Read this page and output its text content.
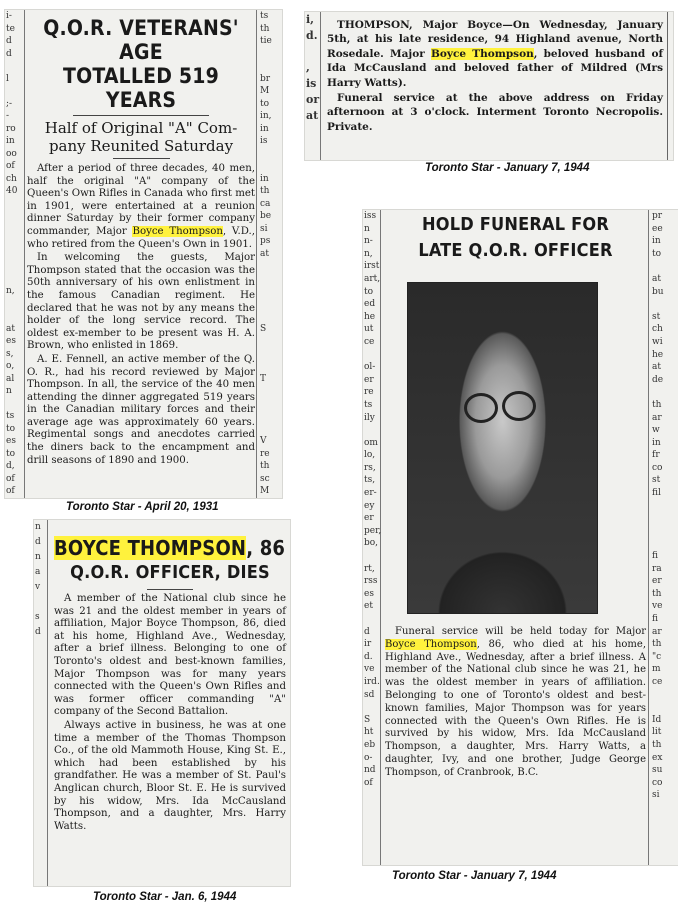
i-
te
d
d

l

;-
-
ro
in
oo
of
ch
40

n,

at
es
s,
o,
al
n

ts
to
es
to
d,
of
of
ts
th
tie

br
M
to
in,
in
is

in
th
ca
be
si
ps
at

S

T

V
re
th
sc
M
Q.O.R. VETERANS' AGE
TOTALLED 519 YEARS
Half of Original "A" Com-
pany Reunited Saturday

After a period of three decades, 40 men, half the original "A" company of the Queen's Own Rifles in Canada who first met in 1901, were entertained at a reunion dinner Saturday by their former company commander, Major Boyce Thompson, V.D., who retired from the Queen's Own in 1901.

In welcoming the guests, Major Thompson stated that the occasion was the 50th anniversary of his own enlistment in the famous Canadian regiment. He declared that he was not by any means the holder of the long service record. The oldest ex-member to be present was H. A. Brown, who enlisted in 1869.

A. E. Fennell, an active member of the Q. O. R., had his record reviewed by Major Thompson. In all, the service of the 40 men attending the dinner aggregated 519 years in the Canadian military forces and their average age was approximately 60 years. Regimental songs and anecdotes carried the diners back to the encampment and drill seasons of 1890 and 1900.

Toronto Star - April 20, 1931
i,
d.

,
is
or
at

THOMPSON, Major Boyce—On Wednesday, January 5th, at his late residence, 94 Highland avenue, North Rosedale. Major Boyce Thompson, beloved husband of Ida McCausland and beloved father of Mildred (Mrs Harry Watts).

Funeral service at the above address on Friday afternoon at 3 o'clock. Interment Toronto Necropolis. Private.

Toronto Star - January 7, 1944
n
d
n
a
v

s
d
BOYCE THOMPSON, 86
Q.O.R. OFFICER, DIES

A member of the National club since he was 21 and the oldest member in years of affiliation, Major Boyce Thompson, 86, died at his home, Highland Ave., Wednesday, after a brief illness. Belonging to one of Toronto's oldest and best-known families, Major Thompson was for many years connected with the Queen's Own Rifles and was former officer commanding "A" company of the Second Battalion.

Always active in business, he was at one time a member of the Thomas Thompson Co., of the old Mammoth House, King St. E., which had been established by his grandfather. He was a member of St. Paul's Anglican church, Bloor St. E. He is survived by his widow, Mrs. Ida McCausland Thompson, and a daughter, Mrs. Harry Watts.

Toronto Star - Jan. 6, 1944
iss
n
n-
n,
irst
art,
to
ed
he
ut
ce

ol-
er
re
ts
ily

om
lo,
rs,
ts,
er-
ey
er
per,
bo,

rt,
rss
es
et

d
ir
d.
ve
ird.
sd

S
ht
eb
o-
nd
of
pr
ee
in
to

at
bu

st
ch
wi
he
at
de

th
ar
w
in
fr
co
st
fil

fi
ra
er
th
ve
fi
ar
th
"c
m
ce

Id
lit
th
ex
su
co
si
HOLD FUNERAL FOR
LATE Q.O.R. OFFICER

Funeral service will be held today for Major Boyce Thompson, 86, who died at his home, Highland Ave., Wednesday, after a brief illness. A member of the National club since he was 21, he was the oldest member in years of affiliation. Belonging to one of Toronto's oldest and best-known families, Major Thompson was for years connected with the Queen's Own Rifles. He is survived by his widow, Mrs. Ida McCausland Thompson, a daughter, Mrs. Harry Watts, a daughter, Ivy, and one brother, Judge George Thompson, of Cranbrook, B.C.

Toronto Star - January 7, 1944
